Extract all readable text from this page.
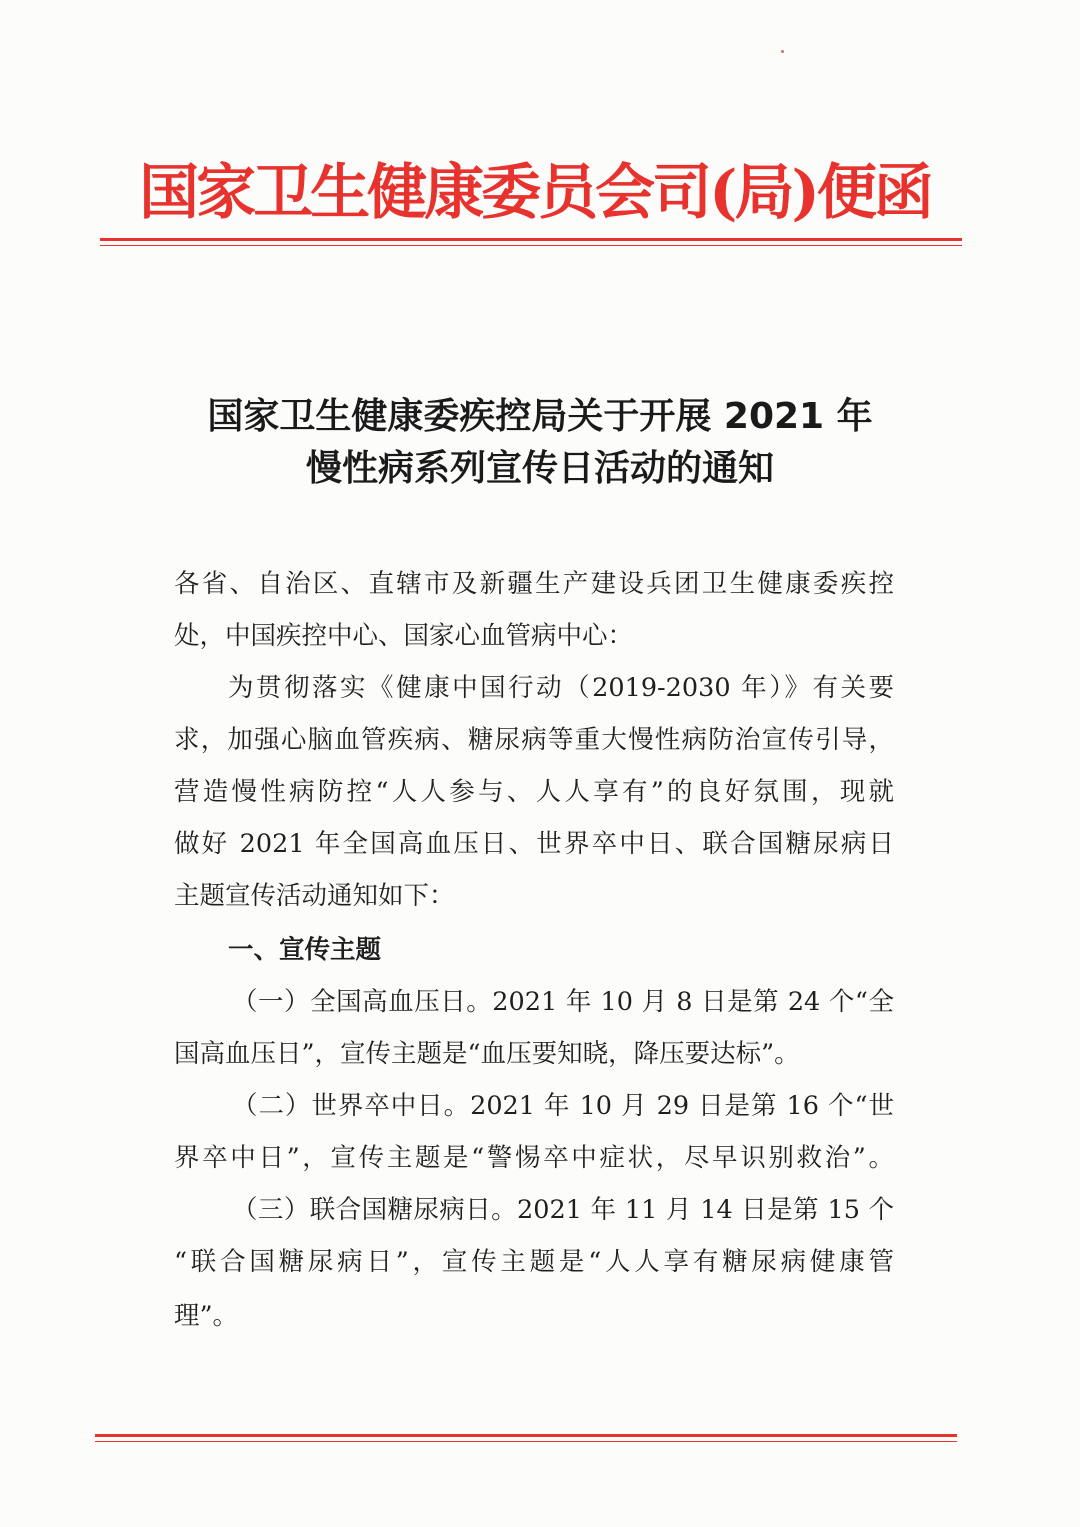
国家卫生健康委员会司(局)便函
国家卫生健康委疾控局关于开展 2021 年
慢性病系列宣传日活动的通知
各省、自治区、直辖市及新疆生产建设兵团卫生健康委疾控
处，中国疾控中心、国家心血管病中心：
为贯彻落实《健康中国行动（2019-2030 年）》有关要
求，加强心脑血管疾病、糖尿病等重大慢性病防治宣传引导，
营造慢性病防控“人人参与、人人享有”的良好氛围，现就
做好 2021 年全国高血压日、世界卒中日、联合国糖尿病日
主题宣传活动通知如下：
一、宣传主题
（一）全国高血压日。2021 年 10 月 8 日是第 24 个“全
国高血压日”，宣传主题是“血压要知晓，降压要达标”。
（二）世界卒中日。2021 年 10 月 29 日是第 16 个“世
界卒中日”，宣传主题是“警惕卒中症状，尽早识别救治”。
（三）联合国糖尿病日。2021 年 11 月 14 日是第 15 个
“联合国糖尿病日”，宣传主题是“人人享有糖尿病健康管
理”。
